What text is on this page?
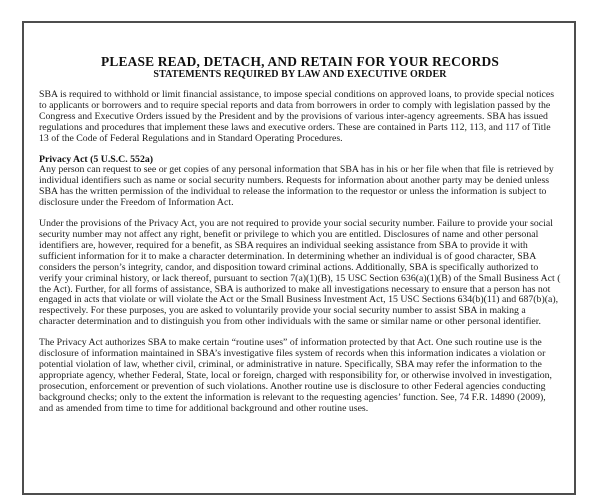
PLEASE READ, DETACH, AND RETAIN FOR YOUR RECORDS
STATEMENTS REQUIRED BY LAW AND EXECUTIVE ORDER

SBA is required to withhold or limit financial assistance, to impose special conditions on approved loans, to provide special notices to applicants or borrowers and to require special reports and data from borrowers in order to comply with legislation passed by the Congress and Executive Orders issued by the President and by the provisions of various inter-agency agreements. SBA has issued regulations and procedures that implement these laws and executive orders. These are contained in Parts 112, 113, and 117 of Title 13 of the Code of Federal Regulations and in Standard Operating Procedures.

Privacy Act (5 U.S.C. 552a)

Any person can request to see or get copies of any personal information that SBA has in his or her file when that file is retrieved by individual identifiers such as name or social security numbers. Requests for information about another party may be denied unless SBA has the written permission of the individual to release the information to the requestor or unless the information is subject to disclosure under the Freedom of Information Act.

Under the provisions of the Privacy Act, you are not required to provide your social security number. Failure to provide your social security number may not affect any right, benefit or privilege to which you are entitled. Disclosures of name and other personal identifiers are, however, required for a benefit, as SBA requires an individual seeking assistance from SBA to provide it with sufficient information for it to make a character determination. In determining whether an individual is of good character, SBA considers the person’s integrity, candor, and disposition toward criminal actions. Additionally, SBA is specifically authorized to verify your criminal history, or lack thereof, pursuant to section 7(a)(1)(B), 15 USC Section 636(a)(1)(B) of the Small Business Act ( the Act). Further, for all forms of assistance, SBA is authorized to make all investigations necessary to ensure that a person has not engaged in acts that violate or will violate the Act or the Small Business Investment Act, 15 USC Sections 634(b)(11) and 687(b)(a), respectively. For these purposes, you are asked to voluntarily provide your social security number to assist SBA in making a character determination and to distinguish you from other individuals with the same or similar name or other personal identifier.

The Privacy Act authorizes SBA to make certain “routine uses” of information protected by that Act. One such routine use is the disclosure of information maintained in SBA’s investigative files system of records when this information indicates a violation or potential violation of law, whether civil, criminal, or administrative in nature. Specifically, SBA may refer the information to the appropriate agency, whether Federal, State, local or foreign, charged with responsibility for, or otherwise involved in investigation, prosecution, enforcement or prevention of such violations. Another routine use is disclosure to other Federal agencies conducting background checks; only to the extent the information is relevant to the requesting agencies’ function. See, 74 F.R. 14890 (2009), and as amended from time to time for additional background and other routine uses.
